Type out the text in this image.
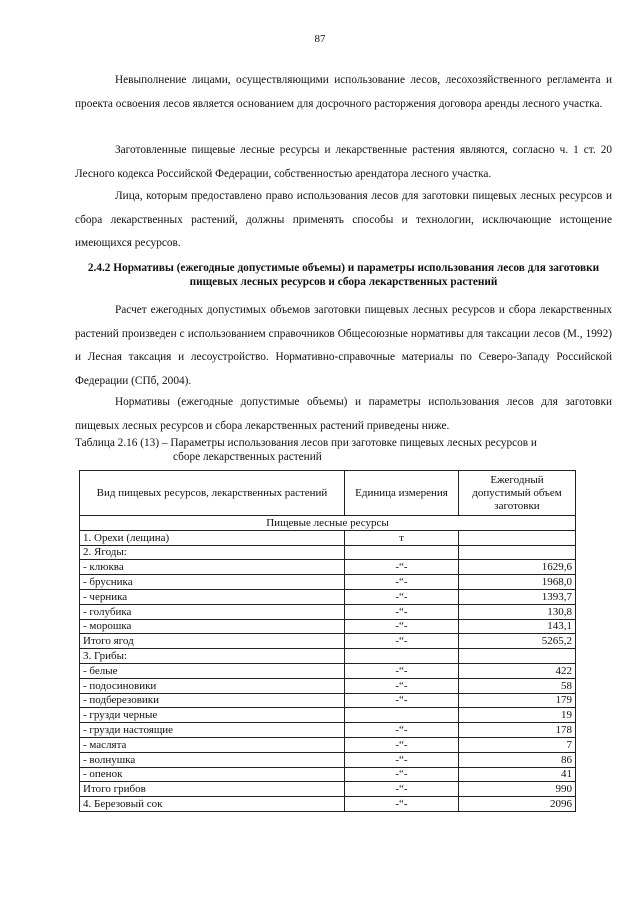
87

Невыполнение лицами, осуществляющими использование лесов, лесохозяйственного регламента и проекта освоения лесов является основанием для досрочного расторжения договора аренды лесного участка.

Заготовленные пищевые лесные ресурсы и лекарственные растения являются, согласно ч. 1 ст. 20 Лесного кодекса Российской Федерации, собственностью арендатора лесного участка.

Лица, которым предоставлено право использования лесов для заготовки пищевых лесных ресурсов и сбора лекарственных растений, должны применять способы и технологии, исключающие истощение имеющихся ресурсов.

2.4.2 Нормативы (ежегодные допустимые объемы) и параметры использования лесов для заготовки пищевых лесных ресурсов и сбора лекарственных растений

Расчет ежегодных допустимых объемов заготовки пищевых лесных ресурсов и сбора лекарственных растений произведен с использованием справочников Общесоюзные нормативы для таксации лесов (М., 1992) и Лесная таксация и лесоустройство. Нормативно-справочные материалы по Северо-Западу Российской Федерации (СПб, 2004).

Нормативы (ежегодные допустимые объемы) и параметры использования лесов для заготовки пищевых лесных ресурсов и сбора лекарственных растений приведены ниже.

Таблица 2.16 (13) – Параметры использования лесов при заготовке пищевых лесных ресурсов и
сборе лекарственных растений

Вид пищевых ресурсов, лекарственных растений	Единица измерения	Ежегодный допустимый объем заготовки
Пищевые лесные ресурсы		
1. Орехи (лещина)	т	
2. Ягоды:		
- клюква	-“-	1629,6
- брусника	-“-	1968,0
- черника	-“-	1393,7
- голубика	-“-	130,8
- морошка	-“-	143,1
Итого ягод	-“-	5265,2
3. Грибы:		
- белые	-“-	422
- подосиновики	-“-	58
- подберезовики	-“-	179
- грузди черные		19
- грузди настоящие	-“-	178
- маслята	-“-	7
- волнушка	-“-	86
- опенок	-“-	41
Итого грибов	-“-	990
4. Березовый сок	-“-	2096
